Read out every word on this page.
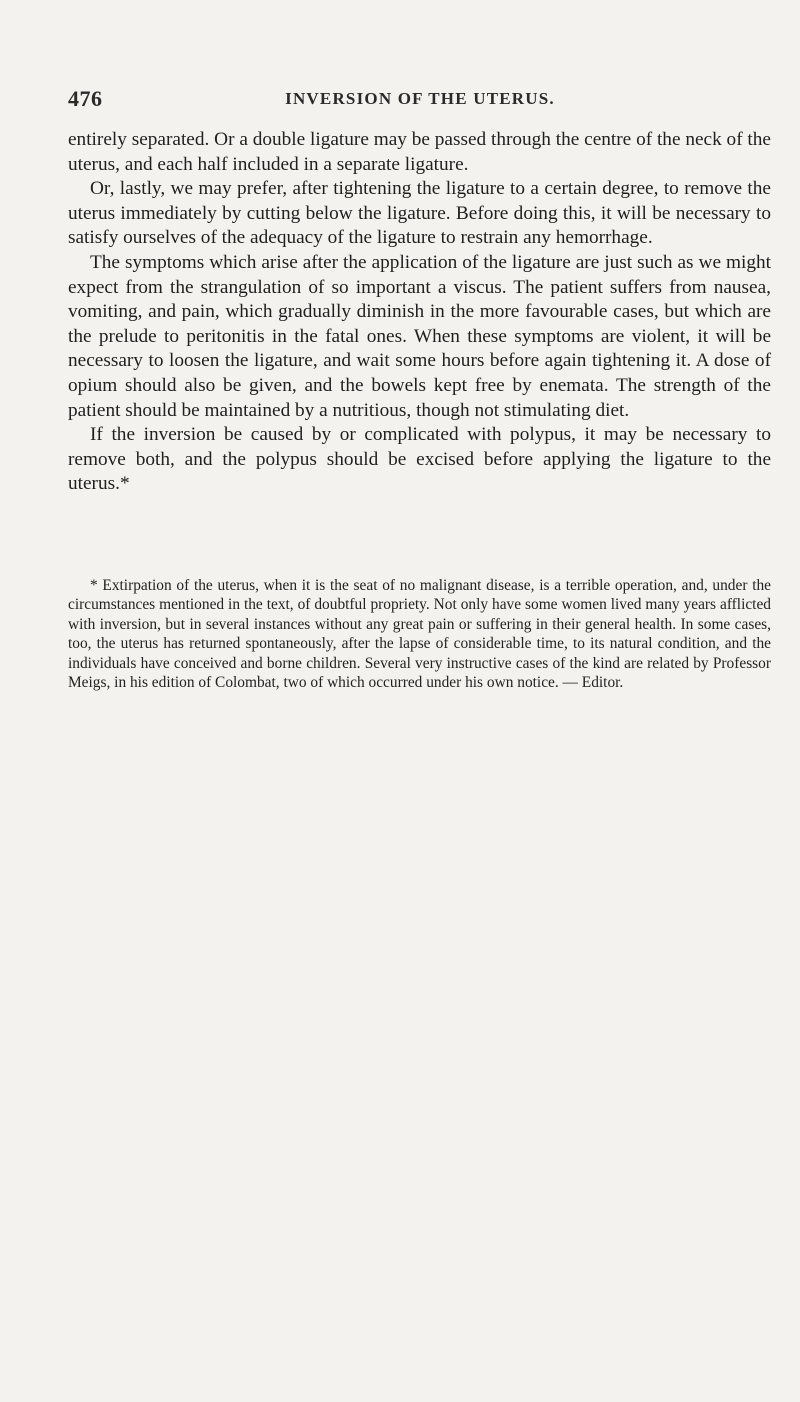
476	INVERSION OF THE UTERUS.

entirely separated. Or a double ligature may be passed through the centre of the neck of the uterus, and each half included in a separate ligature.

Or, lastly, we may prefer, after tightening the ligature to a certain degree, to remove the uterus immediately by cutting below the ligature. Before doing this, it will be necessary to satisfy ourselves of the adequacy of the ligature to restrain any hemorrhage.

The symptoms which arise after the application of the ligature are just such as we might expect from the strangulation of so important a viscus. The patient suffers from nausea, vomiting, and pain, which gradually diminish in the more favourable cases, but which are the prelude to peritonitis in the fatal ones. When these symptoms are violent, it will be necessary to loosen the ligature, and wait some hours before again tightening it. A dose of opium should also be given, and the bowels kept free by enemata. The strength of the patient should be maintained by a nutritious, though not stimulating diet.

If the inversion be caused by or complicated with polypus, it may be necessary to remove both, and the polypus should be excised before applying the ligature to the uterus.*

* Extirpation of the uterus, when it is the seat of no malignant disease, is a terrible operation, and, under the circumstances mentioned in the text, of doubtful propriety. Not only have some women lived many years afflicted with inversion, but in several instances without any great pain or suffering in their general health. In some cases, too, the uterus has returned spontaneously, after the lapse of considerable time, to its natural condition, and the individuals have conceived and borne children. Several very instructive cases of the kind are related by Professor Meigs, in his edition of Colombat, two of which occurred under his own notice. — Editor.
